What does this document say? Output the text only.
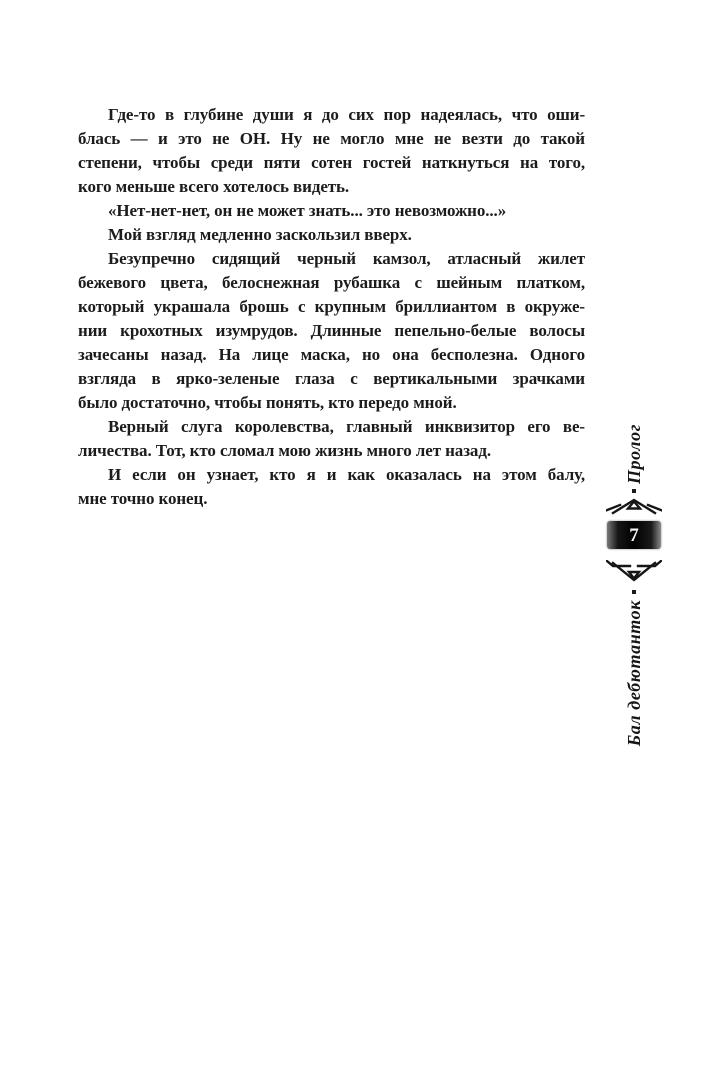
Где-то в глубине души я до сих пор надеялась, что оши-
блась — и это не ОН. Ну не могло мне не везти до такой
степени, чтобы среди пяти сотен гостей наткнуться на того,
кого меньше всего хотелось видеть.
«Нет-нет-нет, он не может знать... это невозможно...»
Мой взгляд медленно заскользил вверх.
Безупречно сидящий черный камзол, атласный жилет
бежевого цвета, белоснежная рубашка с шейным платком,
который украшала брошь с крупным бриллиантом в окруже-
нии крохотных изумрудов. Длинные пепельно-белые волосы
зачесаны назад. На лице маска, но она бесполезна. Одного
взгляда в ярко-зеленые глаза с вертикальными зрачками
было достаточно, чтобы понять, кто передо мной.
Верный слуга королевства, главный инквизитор его ве-
личества. Тот, кто сломал мою жизнь много лет назад.
И если он узнает, кто я и как оказалась на этом балу,
мне точно конец.
Пролог
7
Бал дебютанток
